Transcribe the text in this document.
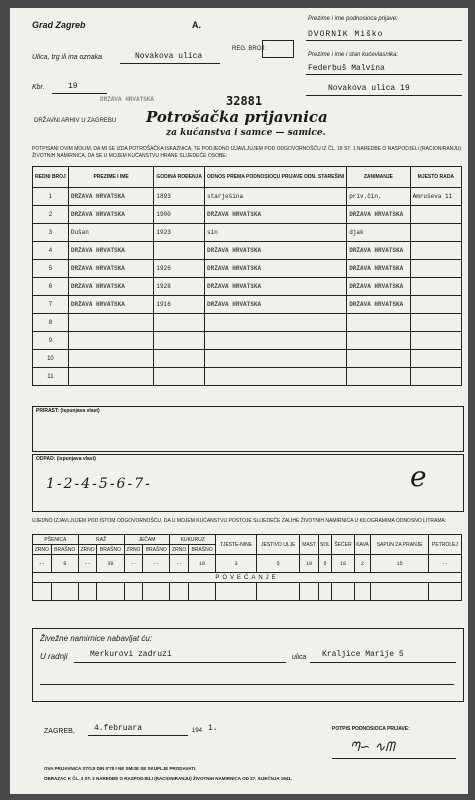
Grad Zagreb	A.
Prezime i ime podnosioca prijave:
DVORNIK Miško
Ulica, trg ili ina oznaka	Novakova ulica
REG. BROJ:
Prezime i ime i stan kućevlasnika:
Federbuš Malvina
Kbr.	19	Novakova ulica 19
DRŽAVA HRVATSKA
DRŽAVNI ARHIV U ZAGREBU
32881
Potrošačka prijavnica
za kućanstva i samce — samice.
POTPISANI OVIM MOLIM, DA MI SE IZDA POTROŠAČKA ISKAZNICA, TE PODJEDNO IZJAVLJUJEM POD ODGOVORNOŠĆU IZ ČL. 18 ST. 1 NAREDBE O RASPODJELI (RACIONIRANJU) ŽIVOTNIH NAMIRNICA, DA SE U MOJEM KUĆANSTVU HRANE SLIJEDEĆE OSOBE:
REDNI BROJ	PREZIME I IME	GODINA ROĐENJA	ODNOS PREMA PODNOSIOCU PRIJAVE ODN. STAREŠINI	ZANIMANJE	MJESTO RADA
1	DRŽAVA HRVATSKA	1893	starješina	priv.čin.	Amruševa 11
2	DRŽAVA HRVATSKA	1900	DRŽAVA HRVATSKA	DRŽAVA HRVATSKA	
3	Dušan	1923	sin	djak	
4	DRŽAVA HRVATSKA		DRŽAVA HRVATSKA	DRŽAVA HRVATSKA	
5	DRŽAVA HRVATSKA	1926	DRŽAVA HRVATSKA	DRŽAVA HRVATSKA	
6	DRŽAVA HRVATSKA	1928	DRŽAVA HRVATSKA	DRŽAVA HRVATSKA	
7	DRŽAVA HRVATSKA	1916	DRŽAVA HRVATSKA	DRŽAVA HRVATSKA	
8					
9					
10					
11					
PRIRAST: (ispunjava vlast)
ODPAD: (ispunjava vlast)
1-2-4-5-6-7-	e
UJEDNO IZJAVLJUJEM POD ISTOM ODGOVORNOŠĆU, DA U MOJEM KUĆANSTVU POSTOJE SLIJEDEĆE ZALIHE ŽIVOTNIH NAMIRNICA U KILOGRAMIMA ODNOSNO LITRAMA:
PŠENICA		RAŽ		JEČAM		KUKURUZ		TJESTE-NINE	JESTIVO ULJE	MAST	SOL	ŠEĆER	KAVA	SAPUN ZA PRANJE	PETROLEJ
ZRNO	BRAŠNO	ZRNO	BRAŠNO	ZRNO	BRAŠNO	ZRNO	BRAŠNO								
--	8	--	30	--	--	--	10	3	5	10	5	10	2	15	--
POVEĆANJE															

Živežne namirnice nabavljat ću:
U radnji	Merkurovi zadruzi	ulica Kraljice Marije 5
ZAGREB, 4.februara	194 1.	POTPIS PODNOSIOCA PRIJAVE:
ᘉ∽ ∿ᗰ
OVA PRIJAVNICA STOJI DIN 0'75 I NE SMIJE SE SKUPLJE PRODAVATI.
OBRAZAC K ČL. 3 ST. 2 NAREDBE O RASPODJELI (RACIONIRANJU) ŽIVOTNIH NAMIRNICA OD 27. SIJEČNJA 1941.
